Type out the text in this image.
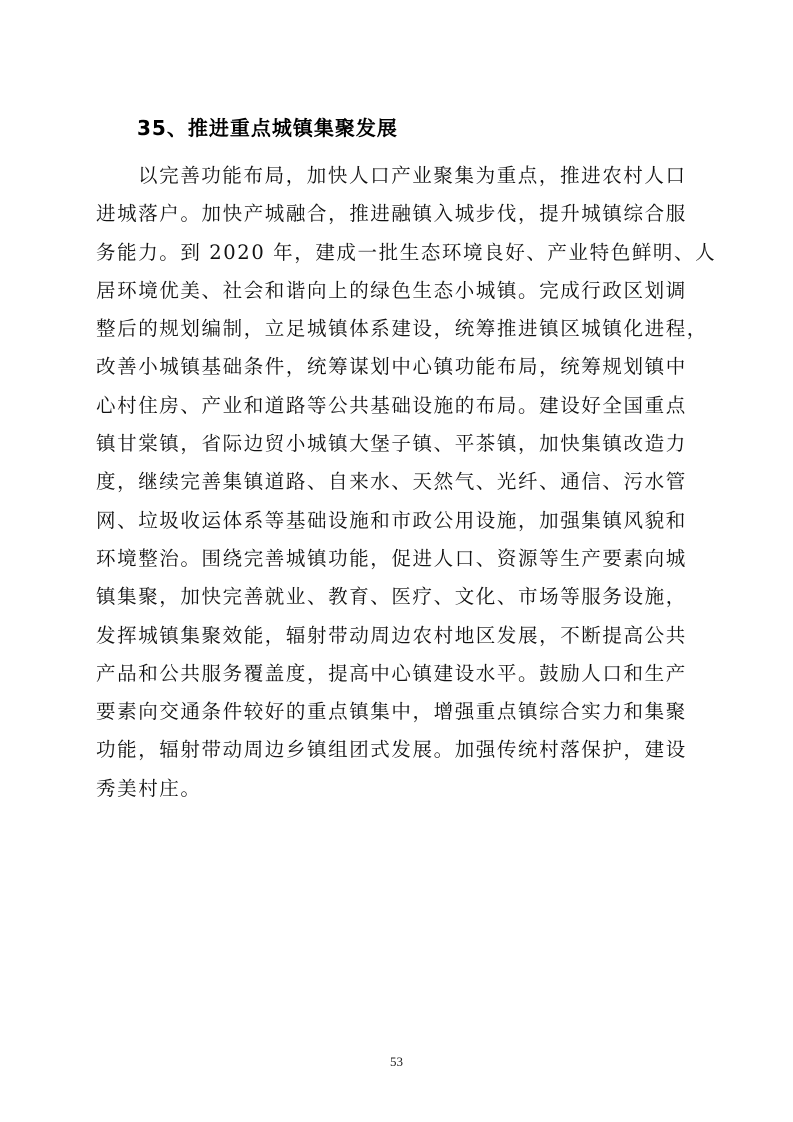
35、推进重点城镇集聚发展
以完善功能布局，加快人口产业聚集为重点，推进农村人口
进城落户。加快产城融合，推进融镇入城步伐，提升城镇综合服
务能力。到 2020 年，建成一批生态环境良好、产业特色鲜明、人
居环境优美、社会和谐向上的绿色生态小城镇。完成行政区划调
整后的规划编制，立足城镇体系建设，统筹推进镇区城镇化进程，
改善小城镇基础条件，统筹谋划中心镇功能布局，统筹规划镇中
心村住房、产业和道路等公共基础设施的布局。建设好全国重点
镇甘棠镇，省际边贸小城镇大堡子镇、平茶镇，加快集镇改造力
度，继续完善集镇道路、自来水、天然气、光纤、通信、污水管
网、垃圾收运体系等基础设施和市政公用设施，加强集镇风貌和
环境整治。围绕完善城镇功能，促进人口、资源等生产要素向城
镇集聚，加快完善就业、教育、医疗、文化、市场等服务设施，
发挥城镇集聚效能，辐射带动周边农村地区发展，不断提高公共
产品和公共服务覆盖度，提高中心镇建设水平。鼓励人口和生产
要素向交通条件较好的重点镇集中，增强重点镇综合实力和集聚
功能，辐射带动周边乡镇组团式发展。加强传统村落保护，建设
秀美村庄。
53
